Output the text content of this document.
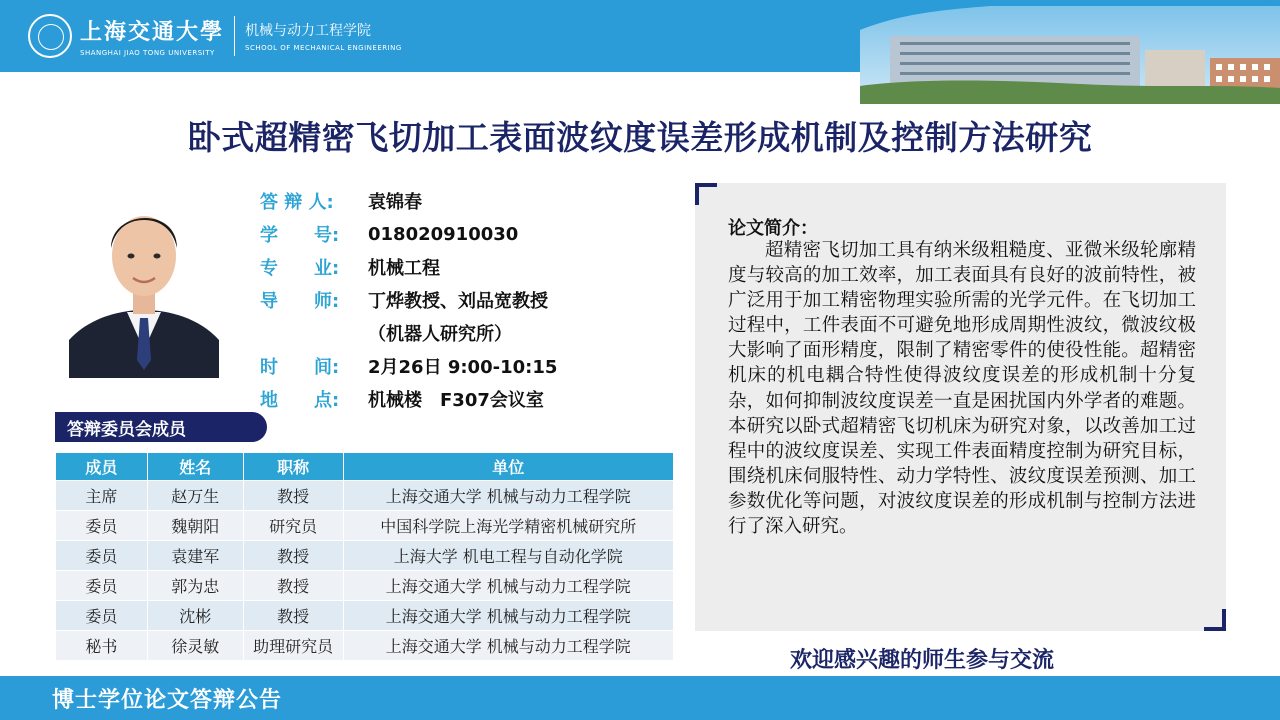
上海交通大學
SHANGHAI JIAO TONG UNIVERSITY
机械与动力工程学院
SCHOOL OF MECHANICAL ENGINEERING
卧式超精密飞切加工表面波纹度误差形成机制及控制方法研究
答 辩 人:	袁锦春
学　　号:	018020910030
专　　业:	机械工程
导　　师:	丁烨教授、刘品宽教授
（机器人研究所）
时　　间:	2月26日 9:00-10:15
地　　点:	机械楼　F307会议室
答辩委员会成员
成员	姓名	职称	单位
主席	赵万生	教授	上海交通大学 机械与动力工程学院
委员	魏朝阳	研究员	中国科学院上海光学精密机械研究所
委员	袁建军	教授	上海大学 机电工程与自动化学院
委员	郭为忠	教授	上海交通大学 机械与动力工程学院
委员	沈彬	教授	上海交通大学 机械与动力工程学院
秘书	徐灵敏	助理研究员	上海交通大学 机械与动力工程学院
论文简介：
超精密飞切加工具有纳米级粗糙度、亚微米级轮廓精度与较高的加工效率，加工表面具有良好的波前特性，被广泛用于加工精密物理实验所需的光学元件。在飞切加工过程中，工件表面不可避免地形成周期性波纹，微波纹极大影响了面形精度，限制了精密零件的使役性能。超精密机床的机电耦合特性使得波纹度误差的形成机制十分复杂，如何抑制波纹度误差一直是困扰国内外学者的难题。本研究以卧式超精密飞切机床为研究对象，以改善加工过程中的波纹度误差、实现工件表面精度控制为研究目标，围绕机床伺服特性、动力学特性、波纹度误差预测、加工参数优化等问题，对波纹度误差的形成机制与控制方法进行了深入研究。
欢迎感兴趣的师生参与交流
博士学位论文答辩公告
